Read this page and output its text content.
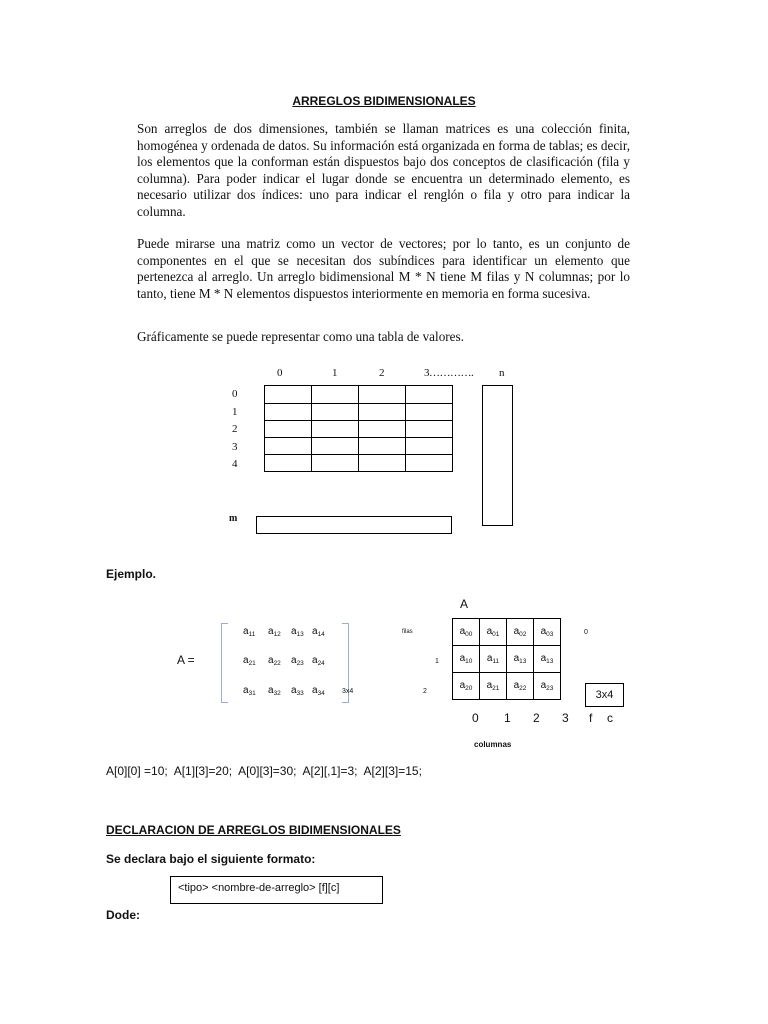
ARREGLOS BIDIMENSIONALES

Son arreglos de dos dimensiones, también se llaman matrices es una colección finita, homogénea y ordenada de datos. Su información está organizada en forma de tablas; es decir, los elementos que la conforman están dispuestos bajo dos conceptos de clasificación (fila y columna). Para poder indicar el lugar donde se encuentra un determinado elemento, es necesario utilizar dos índices: uno para indicar el renglón o fila y otro para indicar la columna.

Puede mirarse una matriz como un vector de vectores; por lo tanto, es un conjunto de componentes en el que se necesitan dos subíndices para identificar un elemento que pertenezca al arreglo. Un arreglo bidimensional M * N tiene M filas y N columnas; por lo tanto, tiene M * N elementos dispuestos interiormente en memoria en forma sucesiva.

Gráficamente se puede representar como una tabla de valores.

0	1	2	3…………. n
0
1
2
3
4

m
Ejemplo.
A =
$a_{11}$ $a_{12}$ $a_{13}$ $a_{14}$
$a_{21}$ $a_{22}$ $a_{23}$ $a_{24}$
$a_{31}$ $a_{32}$ $a_{33}$ $a_{34}$ 3x4
filas
1
2
A
$a_{00}$	$a_{01}$	$a_{02}$	$a_{03}$
$a_{10}$	$a_{11}$	$a_{13}$	$a_{13}$
$a_{20}$	$a_{21}$	$a_{22}$	$a_{23}$
0
3x4
0 1 2 3 f c
columnas
A[0][0] =10;  A[1][3]=20;  A[0][3]=30;  A[2][,1]=3;  A[2][3]=15;
DECLARACION DE ARREGLOS BIDIMENSIONALES
Se declara bajo el siguiente formato:
<tipo> <nombre-de-arreglo> [f][c]
Dode:
